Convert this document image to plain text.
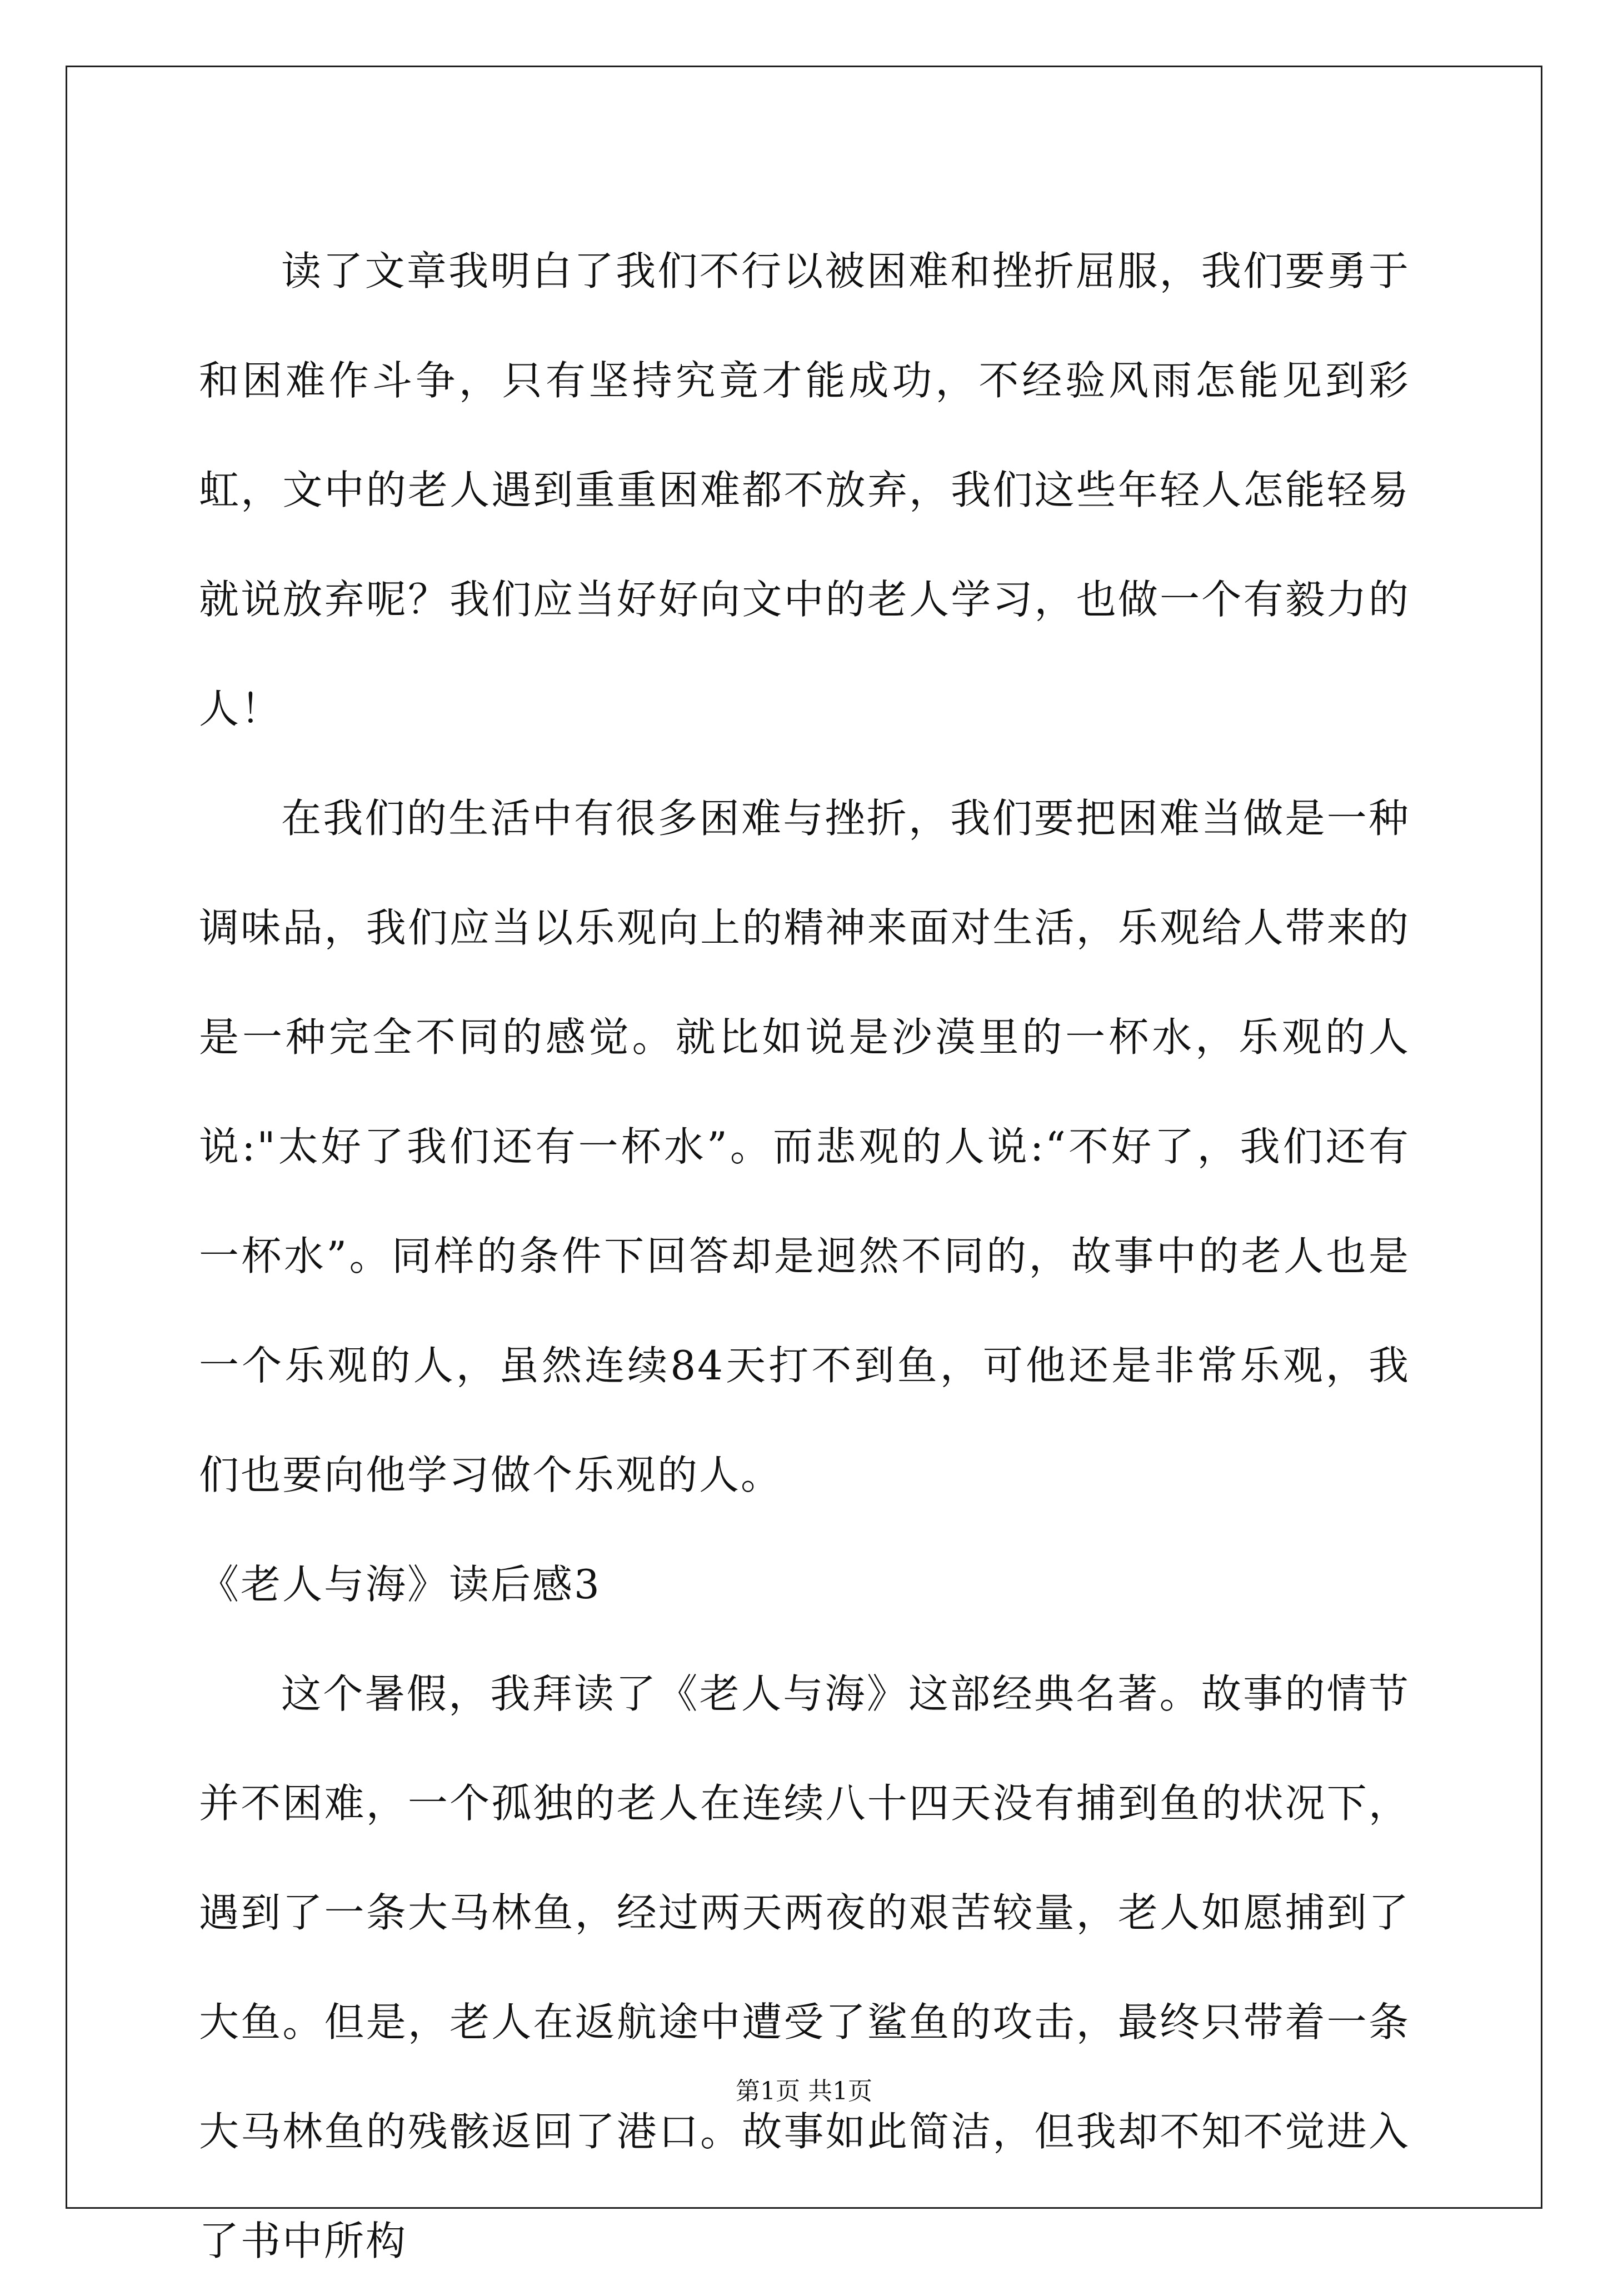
读了文章我明白了我们不行以被困难和挫折屈服，我们要勇于和困难作斗争，只有坚持究竟才能成功，不经验风雨怎能见到彩虹，文中的老人遇到重重困难都不放弃，我们这些年轻人怎能轻易就说放弃呢？我们应当好好向文中的老人学习，也做一个有毅力的人！

在我们的生活中有很多困难与挫折，我们要把困难当做是一种调味品，我们应当以乐观向上的精神来面对生活，乐观给人带来的是一种完全不同的感觉。就比如说是沙漠里的一杯水，乐观的人说:"太好了我们还有一杯水”。而悲观的人说:“不好了，我们还有一杯水”。同样的条件下回答却是迥然不同的，故事中的老人也是一个乐观的人，虽然连续84天打不到鱼，可他还是非常乐观，我们也要向他学习做个乐观的人。

《老人与海》读后感3

这个暑假，我拜读了《老人与海》这部经典名著。故事的情节并不困难，一个孤独的老人在连续八十四天没有捕到鱼的状况下，遇到了一条大马林鱼，经过两天两夜的艰苦较量，老人如愿捕到了大鱼。但是，老人在返航途中遭受了鲨鱼的攻击，最终只带着一条大马林鱼的残骸返回了港口。故事如此简洁，但我却不知不觉进入了书中所构

第1页 共1页
